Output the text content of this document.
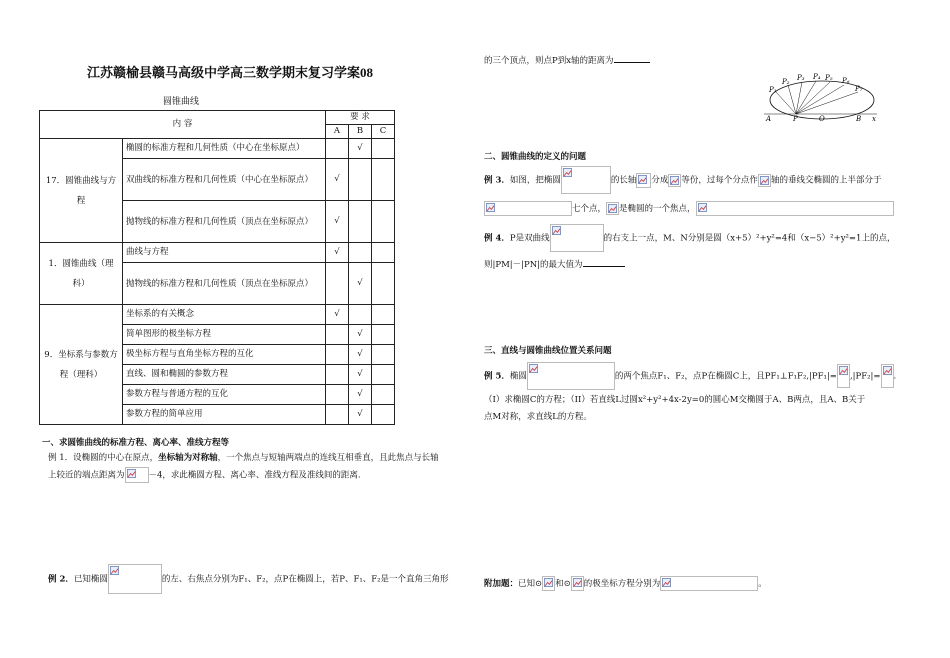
江苏赣榆县赣马高级中学高三数学期末复习学案08
圆锥曲线
内 容		要 求		
		A	B	C
17．圆锥曲线与方程	椭圆的标准方程和几何性质（中心在坐标原点）		√	
	双曲线的标准方程和几何性质（中心在坐标原点）	√		
	抛物线的标准方程和几何性质（顶点在坐标原点）	√		
1．圆锥曲线（理科）	曲线与方程	√		
	抛物线的标准方程和几何性质（顶点在坐标原点）		√	
9．坐标系与参数方程（理科）	坐标系的有关概念	√		
	简单图形的极坐标方程		√	
	极坐标方程与直角坐标方程的互化		√	
	直线、圆和椭圆的参数方程		√	
	参数方程与普通方程的互化		√	
	参数方程的简单应用		√	
一、求圆锥曲线的标准方程、离心率、准线方程等
例 1．设椭圆的中心在原点，坐标轴为对称轴，一个焦点与短轴两端点的连线互相垂直，且此焦点与长轴
上较近的端点距离为	－4，求此椭圆方程、离心率、准线方程及准线间的距离.
例 2．已知椭圆	的左、右焦点分别为F₁、F₂，点P在椭圆上，若P、F₁、F₂是一个直角三角形
的三个顶点，则点P到x轴的距离为
P₁
P₂ P₃ P₄ P₅ P₆
P₇
A	P	O	B x
二、圆锥曲线的定义的问题
例 3．如图，把椭圆	的长轴 分成 等份，过每个分点作 轴的垂线交椭圆的上半部分于

七个点， 是椭圆的一个焦点，
例 4．P是双曲线	的右支上一点，M、N分别是圆（x+5）²+y²=4和（x−5）²+y²=1上的点，
则|PM|－|PN|的最大值为
三、直线与圆锥曲线位置关系问题
例 5．椭圆	的两个焦点F₁、F₂，点P在椭圆C上，且PF₁⊥F₁F₂,|PF₁|= ,|PF₂|= .
（I）求椭圆C的方程；（II）若直线L过圆x²+y²+4x-2y=0的圆心M交椭圆于A、B两点，且A、B关于
点M对称，求直线L的方程。
附加题：已知⊙ 和⊙ 的极坐标方程分别为	。
